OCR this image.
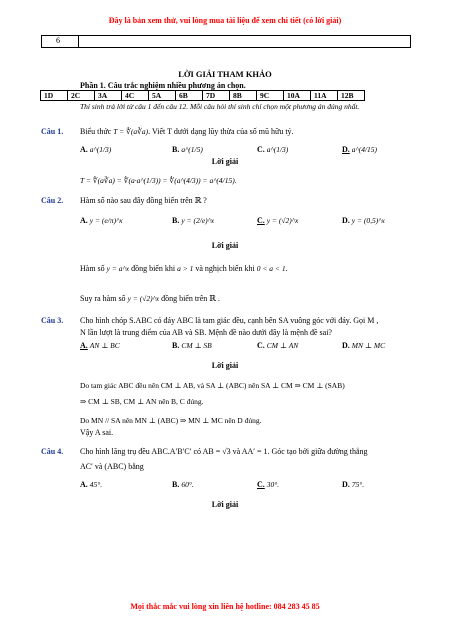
Đây là bản xem thử, vui lòng mua tài liệu để xem chi tiết (có lời giải)
6
LỜI GIẢI THAM KHẢO
Phần 1. Câu trắc nghiệm nhiều phương án chọn.
1D	2C	3A	4C	5A	6B	7D	8B	9C	10A	11A	12B
Thí sinh trả lời từ câu 1 đến câu 12. Mỗi câu hỏi thí sinh chỉ chọn một phương án đúng nhất.
Câu 1. Biểu thức T = ∜(a∛a). Viết T dưới dạng lũy thừa của số mũ hữu tỷ.
A. a^(1/3)	B. a^(1/5)	C. a^(1/3)	D. a^(4/15)
Lời giải
T = ∜(a∛a) = ∜(a·a^(1/3)) = ∜(a^(4/3)) = a^(4/15).
Câu 2. Hàm số nào sau đây đồng biến trên ℝ ?
A. y = (e/π)^x	B. y = (2/e)^x	C. y = (√2)^x	D. y = (0,5)^x
Lời giải
Hàm số y = a^x đồng biến khi a > 1 và nghịch biến khi 0 < a < 1.
Suy ra hàm số y = (√2)^x đồng biến trên ℝ .
Câu 3. Cho hình chóp S.ABC có đáy ABC là tam giác đều, cạnh bên SA vuông góc với đáy. Gọi M ,
N lần lượt là trung điểm của AB và SB. Mệnh đề nào dưới đây là mệnh đề sai?
A. AN ⊥ BC	B. CM ⊥ SB	C. CM ⊥ AN	D. MN ⊥ MC
Lời giải
Do tam giác ABC đều nên CM ⊥ AB, và SA ⊥ (ABC) nên SA ⊥ CM ⇒ CM ⊥ (SAB)
⇒ CM ⊥ SB, CM ⊥ AN nên B, C đúng.
Do MN // SA nên MN ⊥ (ABC) ⇒ MN ⊥ MC nên D đúng.
Vậy A sai.
Câu 4. Cho hình lăng trụ đều ABC.A′B′C′ có AB = √3 và AA′ = 1. Góc tạo bởi giữa đường thẳng
AC′ và (ABC) bằng
A. 45°.	B. 60°.	C. 30°.	D. 75°.
Lời giải
Mọi thắc mắc vui lòng xin liên hệ hotline: 084 283 45 85
